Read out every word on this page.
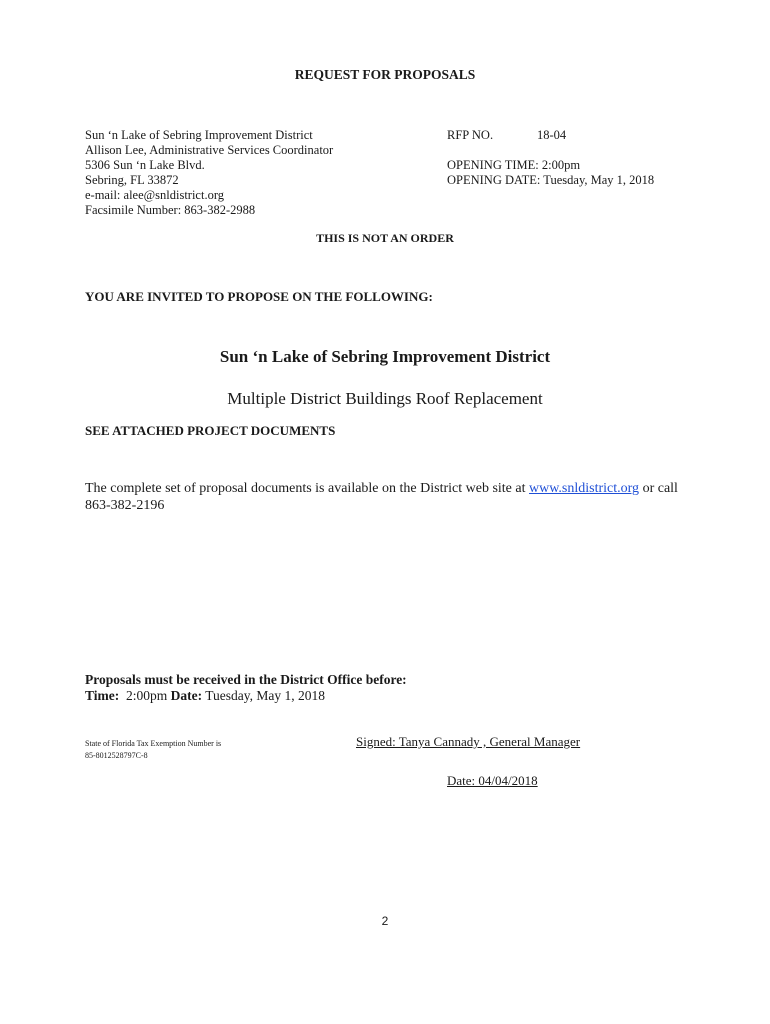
REQUEST FOR PROPOSALS
Sun ‘n Lake of Sebring Improvement District
Allison Lee, Administrative Services Coordinator
5306 Sun ‘n Lake Blvd.
Sebring, FL 33872
e-mail: alee@snldistrict.org
Facsimile Number: 863-382-2988
RFP NO.	18-04
OPENING TIME: 2:00pm
OPENING DATE: Tuesday, May 1, 2018
THIS IS NOT AN ORDER
YOU ARE INVITED TO PROPOSE ON THE FOLLOWING:
Sun ‘n Lake of Sebring Improvement District
Multiple District Buildings Roof Replacement
SEE ATTACHED PROJECT DOCUMENTS
The complete set of proposal documents is available on the District web site at www.snldistrict.org or call
863-382-2196
Proposals must be received in the District Office before:
Time: 2:00pm Date: Tuesday, May 1, 2018
State of Florida Tax Exemption Number is
85-8012528797C-8
Signed: Tanya Cannady , General Manager
Date: 04/04/2018
2
